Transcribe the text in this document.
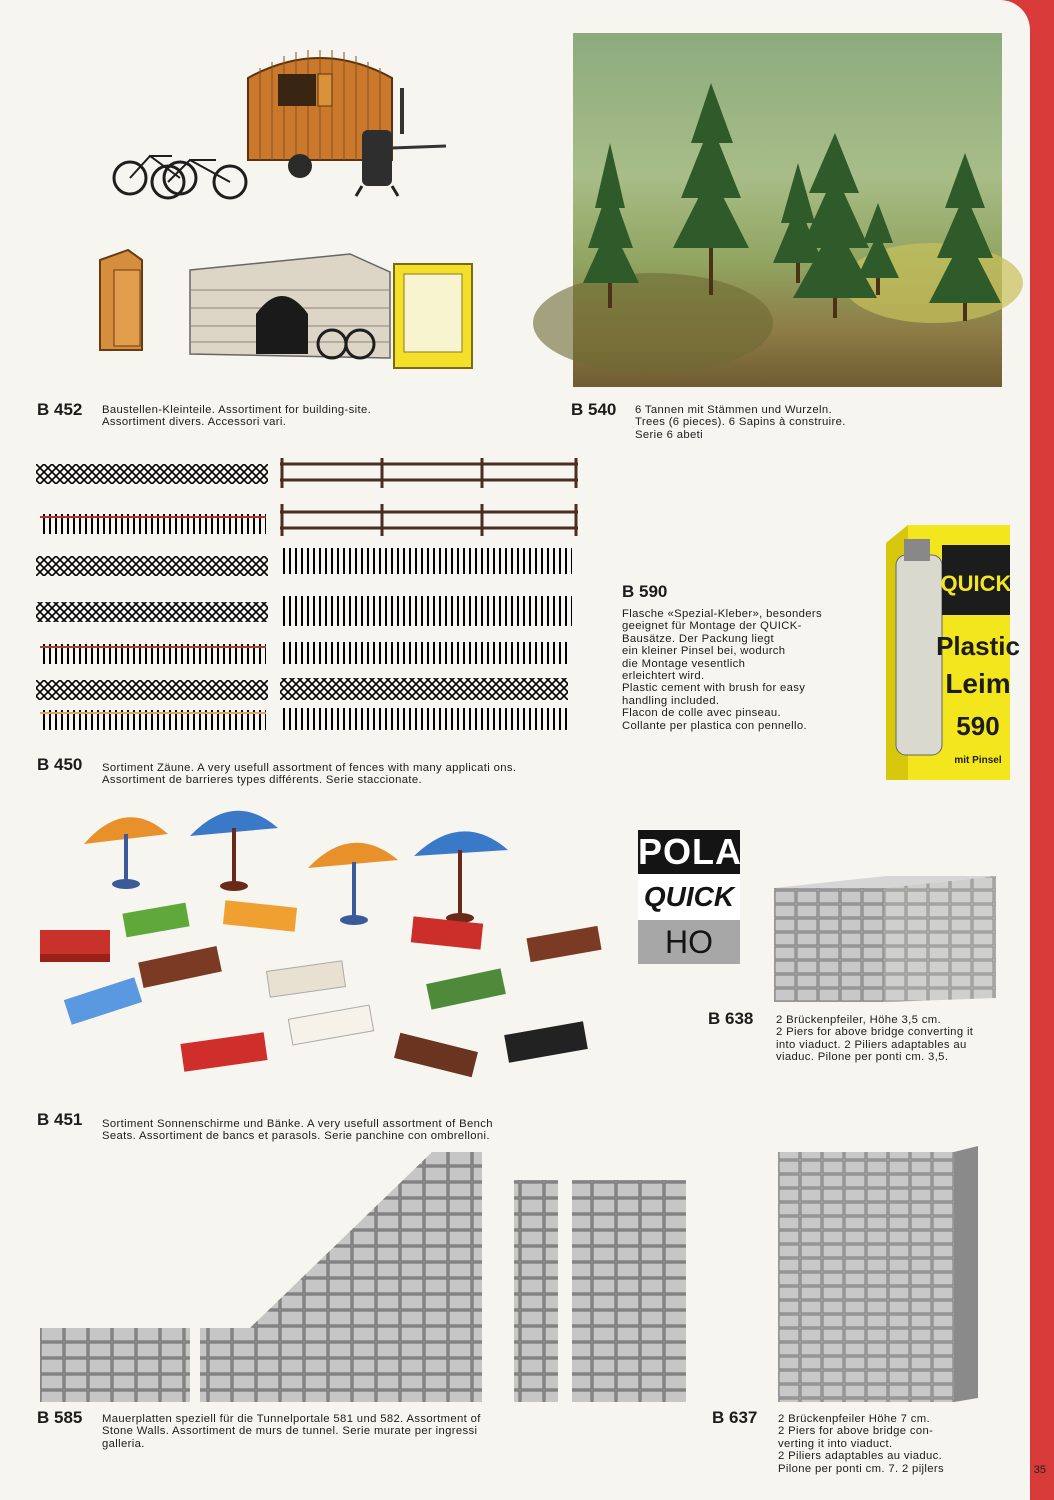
B 452 Baustellen-Kleinteile. Assortiment for building-site.
Assortiment divers. Accessori vari.
B 540 6 Tannen mit Stämmen und Wurzeln.
Trees (6 pieces). 6 Sapins à construire.
Serie 6 abeti
B 590
Flasche «Spezial-Kleber», besonders
geeignet für Montage der QUICK-
Bausätze. Der Packung liegt
ein kleiner Pinsel bei, wodurch
die Montage vesentlich
erleichtert wird.
Plastic cement with brush for easy
handling included.
Flacon de colle avec pinseau.
Collante per plastica con pennello.
QUICK
Plastic
Leim
590
mit Pinsel
B 450 Sortiment Zäune. A very usefull assortment of fences with many applicati ons.
Assortiment de barrieres types différents. Serie staccionate.
POLA
QUICK
HO
B 451 Sortiment Sonnenschirme und Bänke. A very usefull assortment of Bench
Seats. Assortiment de bancs et parasols. Serie panchine con ombrelloni.
B 638 2 Brückenpfeiler, Höhe 3,5 cm.
2 Piers for above bridge converting it
into viaduct. 2 Piliers adaptables au
viaduc. Pilone per ponti cm. 3,5.
B 585 Mauerplatten speziell für die Tunnelportale 581 und 582. Assortment of
Stone Walls. Assortiment de murs de tunnel. Serie murate per ingressi
galleria.
B 637 2 Brückenpfeiler Höhe 7 cm.
2 Piers for above bridge con-
verting it into viaduct.
2 Piliers adaptables au viaduc.
Pilone per ponti cm. 7. 2 pijlers	35
